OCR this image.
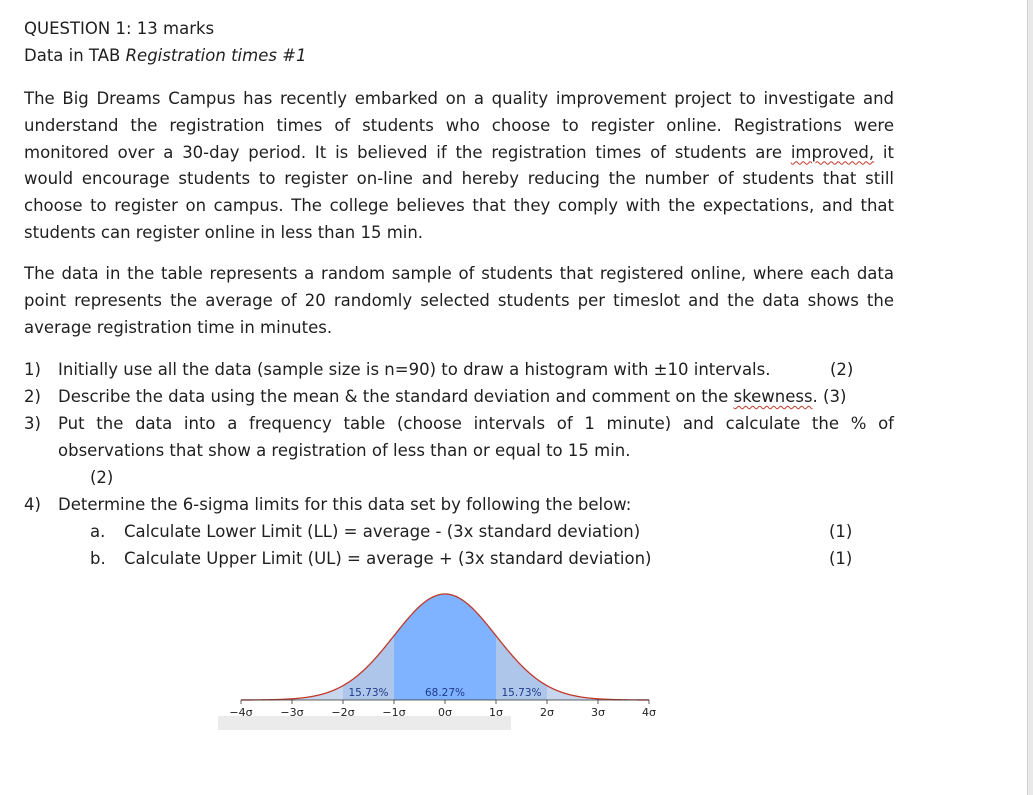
QUESTION 1: 13 marks
Data in TAB Registration times #1
The Big Dreams Campus has recently embarked on a quality improvement project to investigate and
understand the registration times of students who choose to register online. Registrations were
monitored over a 30-day period. It is believed if the registration times of students are improved, it
would encourage students to register on-line and hereby reducing the number of students that still
choose to register on campus. The college believes that they comply with the expectations, and that
students can register online in less than 15 min.
The data in the table represents a random sample of students that registered online, where each data
point represents the average of 20 randomly selected students per timeslot and the data shows the
average registration time in minutes.
1) Initially use all the data (sample size is n=90) to draw a histogram with ±10 intervals.	(2)
2) Describe the data using the mean & the standard deviation and comment on the skewness. (3)
3) Put the data into a frequency table (choose intervals of 1 minute) and calculate the % of
observations that show a registration of less than or equal to 15 min.
(2)
4) Determine the 6-sigma limits for this data set by following the below:
a. Calculate Lower Limit (LL) = average - (3x standard deviation)	(1)
b. Calculate Upper Limit (UL) = average + (3x standard deviation)	(1)
−4σ	−3σ	−2σ	−1σ	0σ	1σ	2σ	3σ	4σ
15.73%	68.27%	15.73%
